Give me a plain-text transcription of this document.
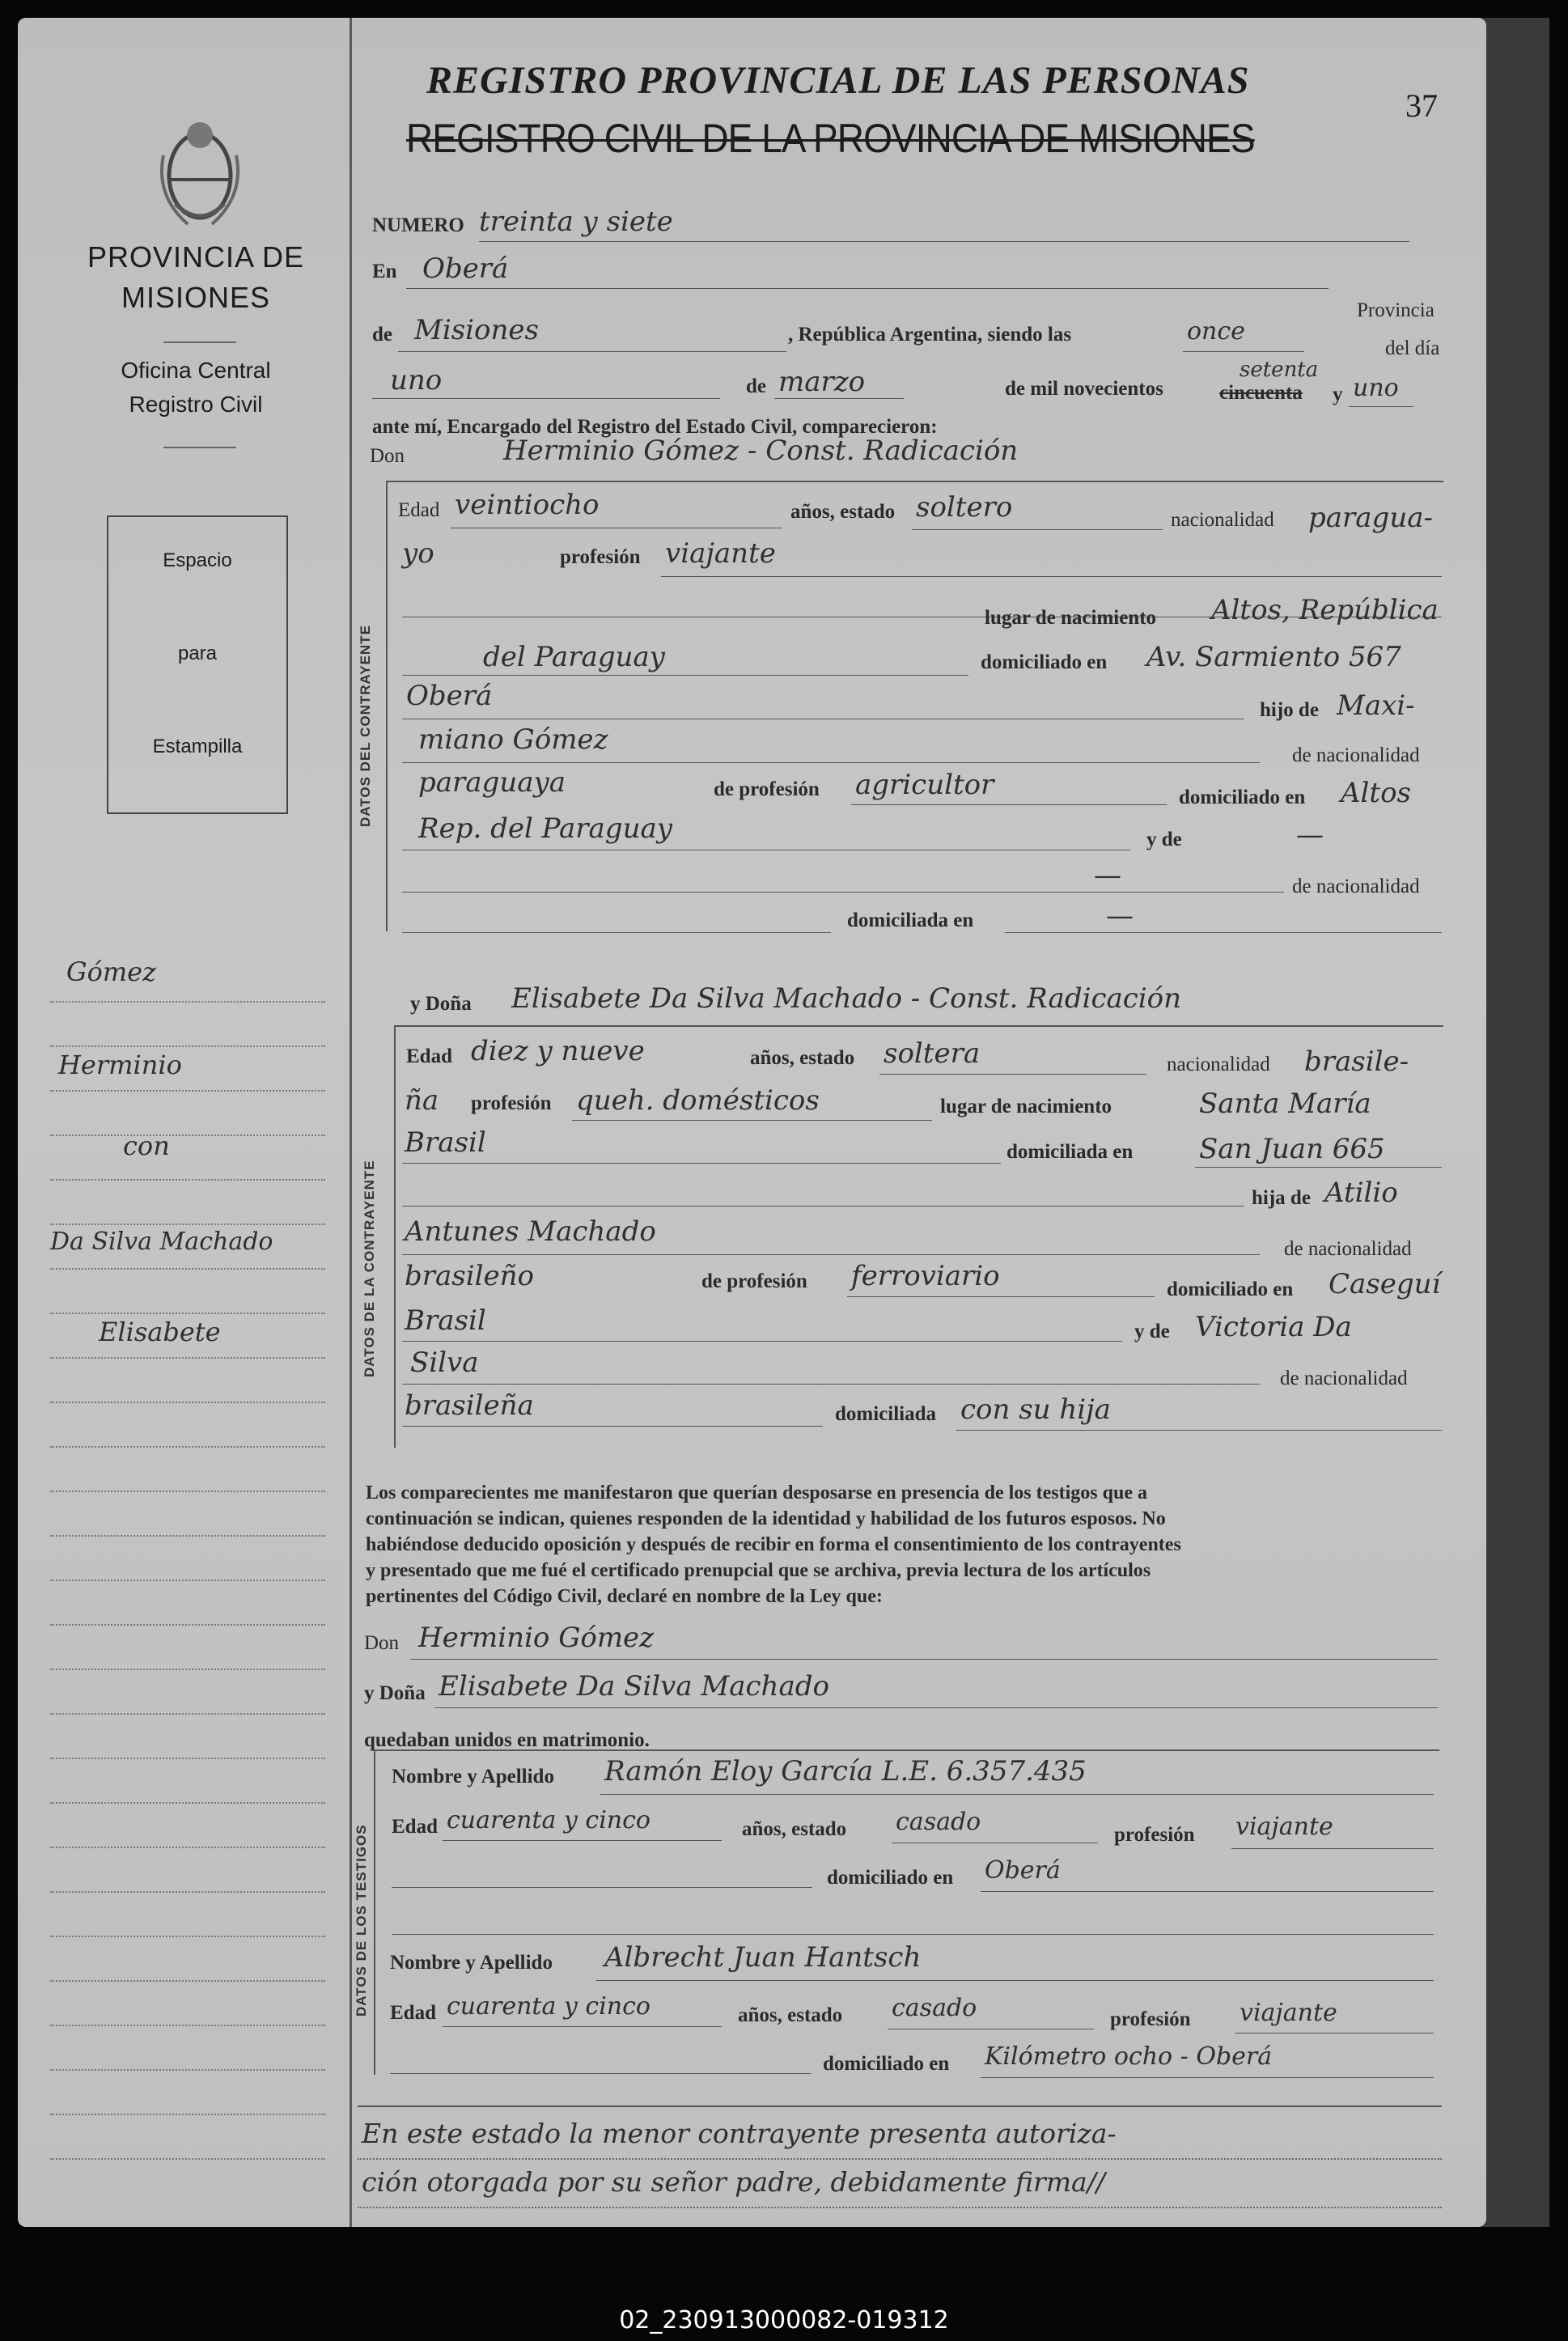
PROVINCIA DE
MISIONES
Oficina Central
Registro Civil
Espacio
para
Estampilla
Gómez
Herminio
con
Da Silva Machado
Elisabete
REGISTRO PROVINCIAL DE LAS PERSONAS
REGISTRO CIVIL DE LA PROVINCIA DE MISIONES
37
NUMERO treinta y siete
En Oberá
Provincia
de Misiones	, República Argentina, siendo las	once
del día
uno	de marzo	de mil novecientos
setenta
cincuenta y uno
ante mí, Encargado del Registro del Estado Civil, comparecieron:
Don	Herminio Gómez - Const. Radicación
DATOS DEL CONTRAYENTE
Edad veintiocho	años, estado soltero	nacionalidad paragua-
yo	profesión viajante
lugar de nacimiento Altos, República
del Paraguay	domiciliado en Av. Sarmiento 567
Oberá	hijo de Maxi-
miano Gómez	de nacionalidad
paraguaya	de profesión agricultor	domiciliado en Altos
Rep. del Paraguay	y de	—
—	de nacionalidad
domiciliada en	—
y Doña Elisabete Da Silva Machado - Const. Radicación
DATOS DE LA CONTRAYENTE
Edad diez y nueve	años, estado soltera	nacionalidad brasile-
ña profesión queh. domésticos	lugar de nacimiento	Santa María
Brasil	domiciliada en San Juan 665
hija de Atilio
Antunes Machado
de nacionalidad
brasileño	de profesión ferroviario	domiciliado en Caseguí
Brasil	y de Victoria Da
Silva	de nacionalidad
brasileña	domiciliada con su hija
Los comparecientes me manifestaron que querían desposarse en presencia de los testigos que a
continuación se indican, quienes responden de la identidad y habilidad de los futuros esposos. No
habiéndose deducido oposición y después de recibir en forma el consentimiento de los contrayentes
y presentado que me fué el certificado prenupcial que se archiva, previa lectura de los artículos
pertinentes del Código Civil, declaré en nombre de la Ley que:
Don Herminio Gómez
y Doña Elisabete Da Silva Machado
quedaban unidos en matrimonio.
DATOS DE LOS TESTIGOS
Nombre y Apellido Ramón Eloy García L.E. 6.357.435
Edad cuarenta y cinco	años, estado casado	profesión viajante
domiciliado en Oberá
Nombre y Apellido Albrecht Juan Hantsch
Edad cuarenta y cinco	años, estado casado	profesión viajante
domiciliado en Kilómetro ocho - Oberá
En este estado la menor contrayente presenta autoriza-
ción otorgada por su señor padre, debidamente firma//
02_230913000082-019312
